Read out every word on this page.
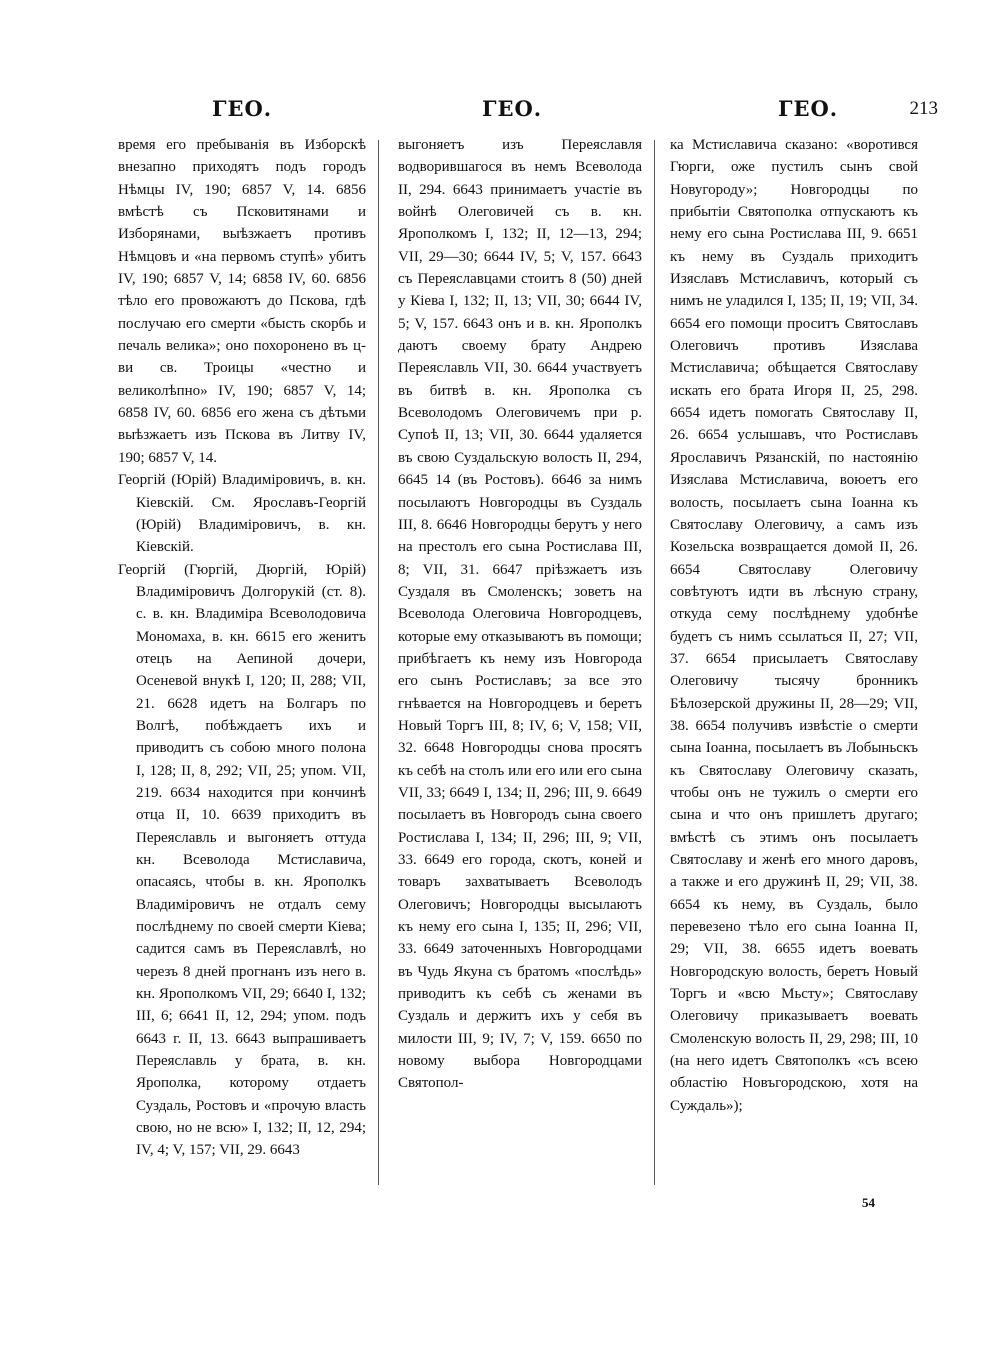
ГЕО.	ГЕО.	ГЕО.	213

время его пребыванія въ Изборскѣ внезапно приходятъ подъ городъ Нѣмцы IV, 190; 6857 V, 14. 6856 вмѣстѣ съ Псковитянами и Изборянами, выѣзжаетъ противъ Нѣмцовъ и «на первомъ ступѣ» убитъ IV, 190; 6857 V, 14; 6858 IV, 60. 6856 тѣло его провожаютъ до Пскова, гдѣ послучаю его смерти «бысть скорбь и печаль велика»; оно похоронено въ ц-ви св. Троицы «честно и великолѣпно» IV, 190; 6857 V, 14; 6858 IV, 60. 6856 его жена съ дѣтьми выѣзжаетъ изъ Пскова въ Литву IV, 190; 6857 V, 14.

Георгій (Юрій) Владиміровичъ, в. кн. Кіевскій. См. Ярославъ-Георгій (Юрій) Владиміровичъ, в. кн. Кіевскій.

Георгій (Гюргій, Дюргій, Юрій) Владиміровичъ Долгорукій (ст. 8). с. в. кн. Владиміра Всеволодовича Мономаха, в. кн. 6615 его женитъ отецъ на Аепиной дочери, Осеневой внукѣ I, 120; II, 288; VII, 21. 6628 идетъ на Болгаръ по Волгѣ, побѣждаетъ ихъ и приводитъ съ собою много полона I, 128; II, 8, 292; VII, 25; упом. VII, 219. 6634 находится при кончинѣ отца II, 10. 6639 приходитъ въ Переяславль и выгоняетъ оттуда кн. Всеволода Мстиславича, опасаясь, чтобы в. кн. Ярополкъ Владиміровичъ не отдалъ сему послѣднему по своей смерти Кіева; садится самъ въ Переяславлѣ, но черезъ 8 дней прогнанъ изъ него в. кн. Ярополкомъ VII, 29; 6640 I, 132; III, 6; 6641 II, 12, 294; упом. подъ 6643 г. II, 13. 6643 выпрашиваетъ Переяславль у брата, в. кн. Ярополка, которому отдаетъ Суздаль, Ростовъ и «прочую власть свою, но не всю» I, 132; II, 12, 294; IV, 4; V, 157; VII, 29. 6643

выгоняетъ изъ Переяславля водворившагося въ немъ Всеволода II, 294. 6643 принимаетъ участіе въ войнѣ Олеговичей съ в. кн. Ярополкомъ I, 132; II, 12—13, 294; VII, 29—30; 6644 IV, 5; V, 157. 6643 съ Переяславцами стоитъ 8 (50) дней у Кіева I, 132; II, 13; VII, 30; 6644 IV, 5; V, 157. 6643 онъ и в. кн. Ярополкъ даютъ своему брату Андрею Переяславль VII, 30. 6644 участвуетъ въ битвѣ в. кн. Ярополка съ Всеволодомъ Олеговичемъ при р. Супоѣ II, 13; VII, 30. 6644 удаляется въ свою Суздальскую волость II, 294, 6645 14 (въ Ростовъ). 6646 за нимъ посылаютъ Новгородцы въ Суздаль III, 8. 6646 Новгородцы берутъ у него на престолъ его сына Ростислава III, 8; VII, 31. 6647 пріѣзжаетъ изъ Суздаля въ Смоленскъ; зоветъ на Всеволода Олеговича Новгородцевъ, которые ему отказываютъ въ помощи; прибѣгаетъ къ нему изъ Новгорода его сынъ Ростиславъ; за все это гнѣвается на Новгородцевъ и беретъ Новый Торгъ III, 8; IV, 6; V, 158; VII, 32. 6648 Новгородцы снова просятъ къ себѣ на столъ или его или его сына VII, 33; 6649 I, 134; II, 296; III, 9. 6649 посылаетъ въ Новгородъ сына своего Ростислава I, 134; II, 296; III, 9; VII, 33. 6649 его города, скотъ, коней и товаръ захватываетъ Всеволодъ Олеговичъ; Новгородцы высылаютъ къ нему его сына I, 135; II, 296; VII, 33. 6649 заточенныхъ Новгородцами въ Чудь Якуна съ братомъ «послѣдь» приводитъ къ себѣ съ женами въ Суздаль и держитъ ихъ у себя въ милости III, 9; IV, 7; V, 159. 6650 по новому выбора Новгородцами Святопол-

ка Мстиславича сказано: «воротився Гюрги, оже пустилъ сынъ свой Новугороду»; Новгородцы по прибытіи Святополка отпускаютъ къ нему его сына Ростислава III, 9. 6651 къ нему въ Суздаль приходитъ Изяславъ Мстиславичъ, который съ нимъ не уладился I, 135; II, 19; VII, 34. 6654 его помощи проситъ Святославъ Олеговичъ противъ Изяслава Мстиславича; обѣщается Святославу искать его брата Игоря II, 25, 298. 6654 идетъ помогать Святославу II, 26. 6654 услышавъ, что Ростиславъ Ярославичъ Рязанскій, по настоянію Изяслава Мстиславича, воюетъ его волость, посылаетъ сына Іоанна къ Святославу Олеговичу, а самъ изъ Козельска возвращается домой II, 26. 6654 Святославу Олеговичу совѣтуютъ идти въ лѣсную страну, откуда сему послѣднему удобнѣе будетъ съ нимъ ссылаться II, 27; VII, 37. 6654 присылаетъ Святославу Олеговичу тысячу бронникъ Бѣлозерской дружины II, 28—29; VII, 38. 6654 получивъ извѣстіе о смерти сына Іоанна, посылаетъ въ Лобыньскъ къ Святославу Олеговичу сказать, чтобы онъ не тужилъ о смерти его сына и что онъ пришлетъ другаго; вмѣстѣ съ этимъ онъ посылаетъ Святославу и женѣ его много даровъ, а также и его дружинѣ II, 29; VII, 38. 6654 къ нему, въ Суздаль, было перевезено тѣло его сына Іоанна II, 29; VII, 38. 6655 идетъ воевать Новгородскую волость, беретъ Новый Торгъ и «всю Мьсту»; Святославу Олеговичу приказываетъ воевать Смоленскую волость II, 29, 298; III, 10 (на него идетъ Святополкъ «съ всею областію Новъгородскою, хотя на Суждаль»);

54
